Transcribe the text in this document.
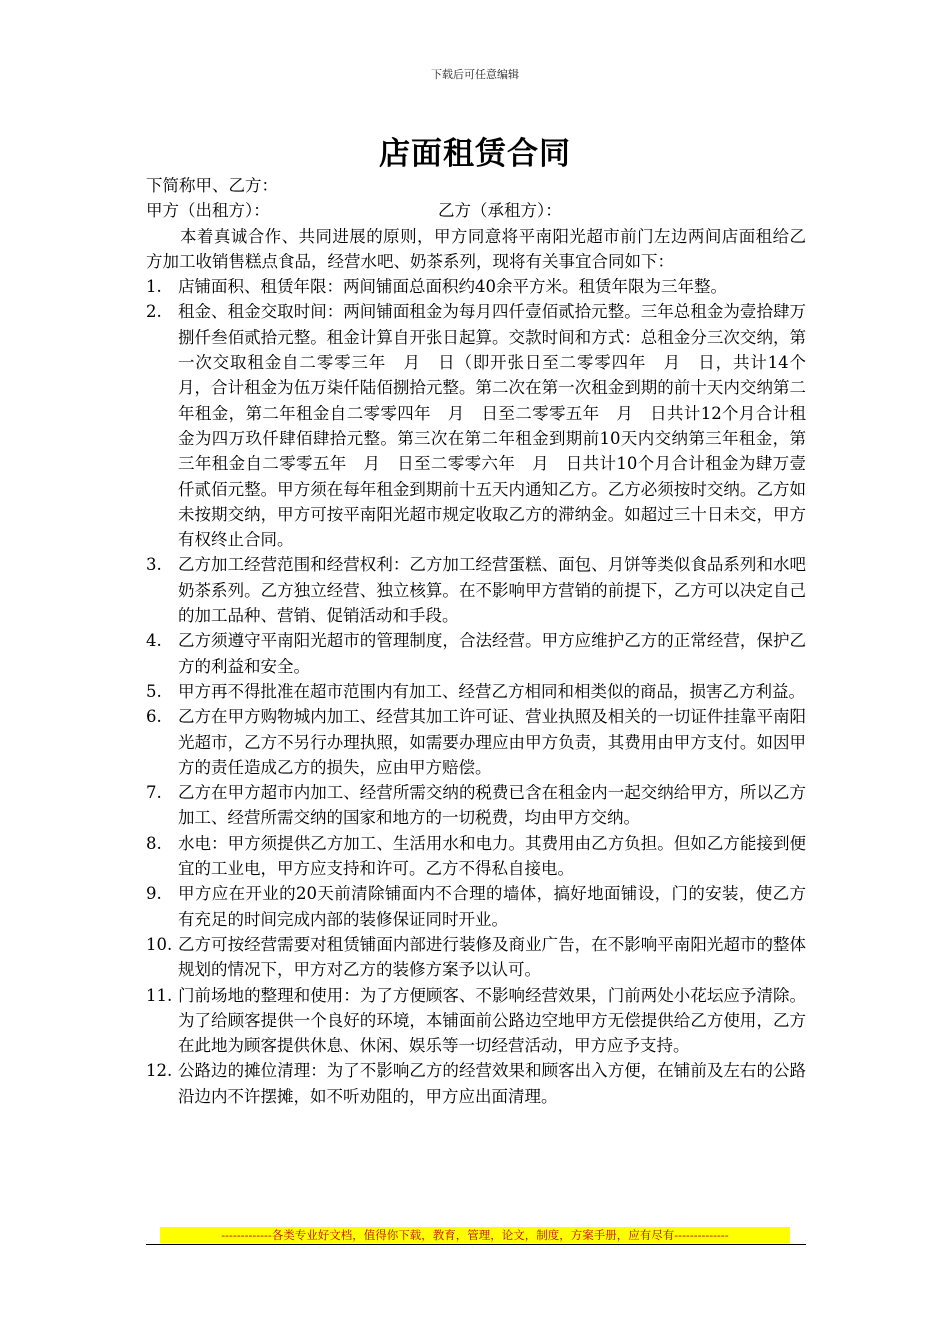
下载后可任意编辑
店面租赁合同

下简称甲、乙方：

甲方（出租方）：	乙方（承租方）：

本着真诚合作、共同进展的原则，甲方同意将平南阳光超市前门左边两间店面租给乙方加工收销售糕点食品，经营水吧、奶茶系列，现将有关事宜合同如下：

1. 店铺面积、租赁年限：两间铺面总面积约40余平方米。租赁年限为三年整。
2. 租金、租金交取时间：两间铺面租金为每月四仟壹佰贰拾元整。三年总租金为壹拾肆万捌仟叁佰贰拾元整。租金计算自开张日起算。交款时间和方式：总租金分三次交纳，第一次交取租金自二零零三年　月　日（即开张日至二零零四年　月　日，共计14个月，合计租金为伍万柒仟陆佰捌拾元整。第二次在第一次租金到期的前十天内交纳第二年租金，第二年租金自二零零四年　月　日至二零零五年　月　日共计12个月合计租金为四万玖仟肆佰肆拾元整。第三次在第二年租金到期前10天内交纳第三年租金，第三年租金自二零零五年　月　日至二零零六年　月　日共计10个月合计租金为肆万壹仟贰佰元整。甲方须在每年租金到期前十五天内通知乙方。乙方必须按时交纳。乙方如未按期交纳，甲方可按平南阳光超市规定收取乙方的滞纳金。如超过三十日未交，甲方有权终止合同。
3. 乙方加工经营范围和经营权利：乙方加工经营蛋糕、面包、月饼等类似食品系列和水吧奶茶系列。乙方独立经营、独立核算。在不影响甲方营销的前提下，乙方可以决定自己的加工品种、营销、促销活动和手段。
4. 乙方须遵守平南阳光超市的管理制度，合法经营。甲方应维护乙方的正常经营，保护乙方的利益和安全。
5. 甲方再不得批准在超市范围内有加工、经营乙方相同和相类似的商品，损害乙方利益。
6. 乙方在甲方购物城内加工、经营其加工许可证、营业执照及相关的一切证件挂靠平南阳光超市，乙方不另行办理执照，如需要办理应由甲方负责，其费用由甲方支付。如因甲方的责任造成乙方的损失，应由甲方赔偿。
7. 乙方在甲方超市内加工、经营所需交纳的税费已含在租金内一起交纳给甲方，所以乙方加工、经营所需交纳的国家和地方的一切税费，均由甲方交纳。
8. 水电：甲方须提供乙方加工、生活用水和电力。其费用由乙方负担。但如乙方能接到便宜的工业电，甲方应支持和许可。乙方不得私自接电。
9. 甲方应在开业的20天前清除铺面内不合理的墙体，搞好地面铺设，门的安装，使乙方有充足的时间完成内部的装修保证同时开业。
10. 乙方可按经营需要对租赁铺面内部进行装修及商业广告，在不影响平南阳光超市的整体规划的情况下，甲方对乙方的装修方案予以认可。
11. 门前场地的整理和使用：为了方便顾客、不影响经营效果，门前两处小花坛应予清除。为了给顾客提供一个良好的环境，本铺面前公路边空地甲方无偿提供给乙方使用，乙方在此地为顾客提供休息、休闲、娱乐等一切经营活动，甲方应予支持。
12. 公路边的摊位清理：为了不影响乙方的经营效果和顾客出入方便，在铺前及左右的公路沿边内不许摆摊，如不听劝阻的，甲方应出面清理。
-------------各类专业好文档，值得你下载，教育，管理，论文，制度，方案手册，应有尽有--------------
